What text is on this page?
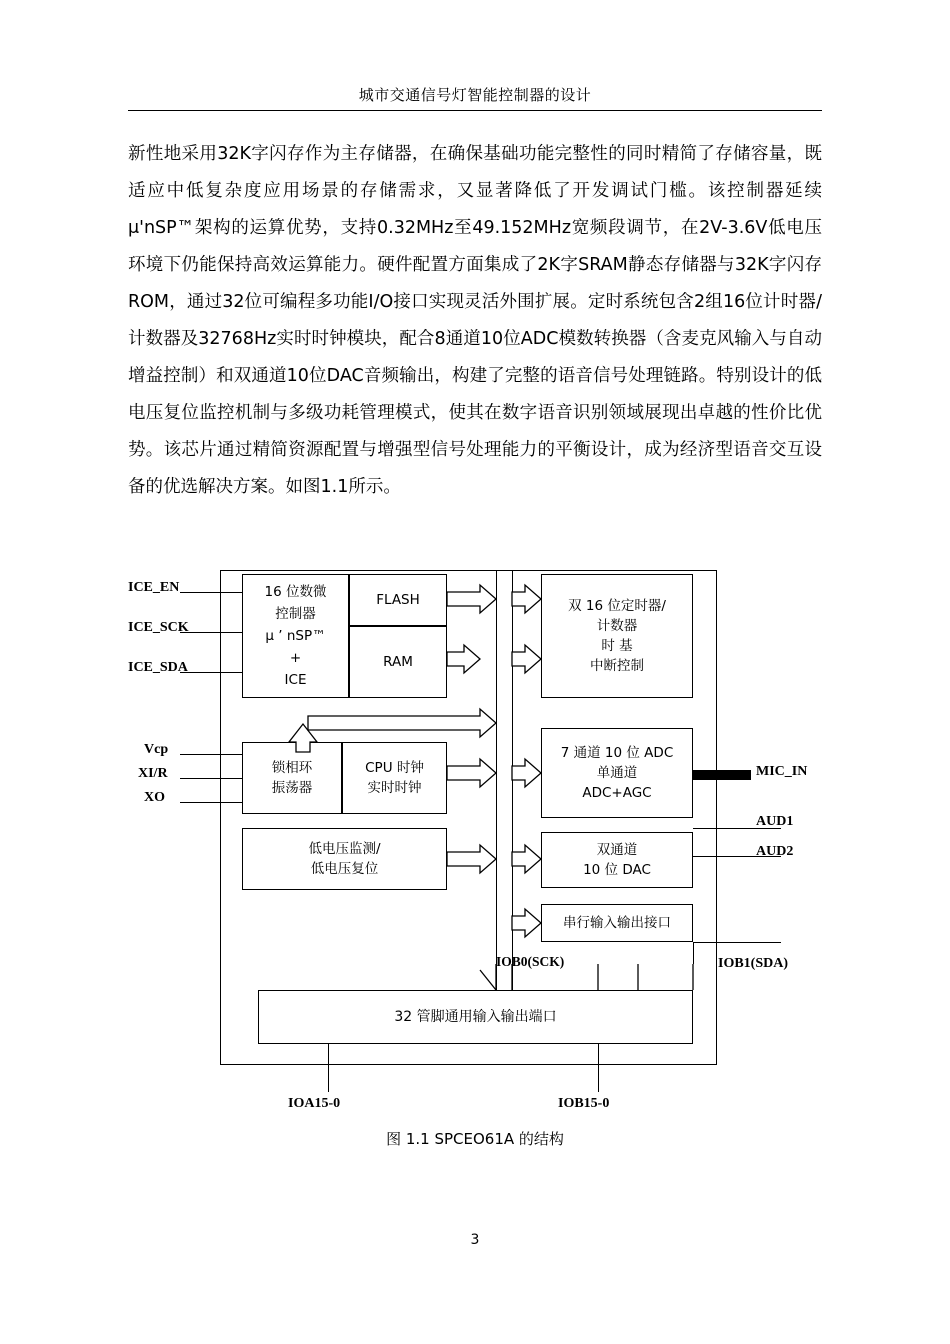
城市交通信号灯智能控制器的设计
新性地采用32K字闪存作为主存储器，在确保基础功能完整性的同时精简了存储容量，既适应中低复杂度应用场景的存储需求，又显著降低了开发调试门槛。该控制器延续μ'nSP™架构的运算优势，支持0.32MHz至49.152MHz宽频段调节，在2V-3.6V低电压环境下仍能保持高效运算能力。硬件配置方面集成了2K字SRAM静态存储器与32K字闪存ROM，通过32位可编程多功能I/O接口实现灵活外围扩展。定时系统包含2组16位计时器/计数器及32768Hz实时时钟模块，配合8通道10位ADC模数转换器（含麦克风输入与自动增益控制）和双通道10位DAC音频输出，构建了完整的语音信号处理链路。特别设计的低电压复位监控机制与多级功耗管理模式，使其在数字语音识别领域展现出卓越的性价比优势。该芯片通过精简资源配置与增强型信号处理能力的平衡设计，成为经济型语音交互设备的优选解决方案。如图1.1所示。
16 位数微
控制器
μ ’ nSP™
+
ICE
FLASH
RAM
双 16 位定时器/
计数器
时 基
中断控制
锁相环
振荡器
CPU 时钟
实时时钟
7 通道 10 位 ADC
单通道
ADC+AGC
低电压监测/
低电压复位
双通道
10 位 DAC
串行输入输出接口
32 管脚通用输入输出端口
ICE_EN
ICE_SCK
ICE_SDA
Vcp
XI/R
XO
MIC_IN
AUD1
AUD2
IOB1(SDA)
IOB0(SCK)
IOA15-0	IOB15-0
图 1.1 SPCEO61A 的结构
3
